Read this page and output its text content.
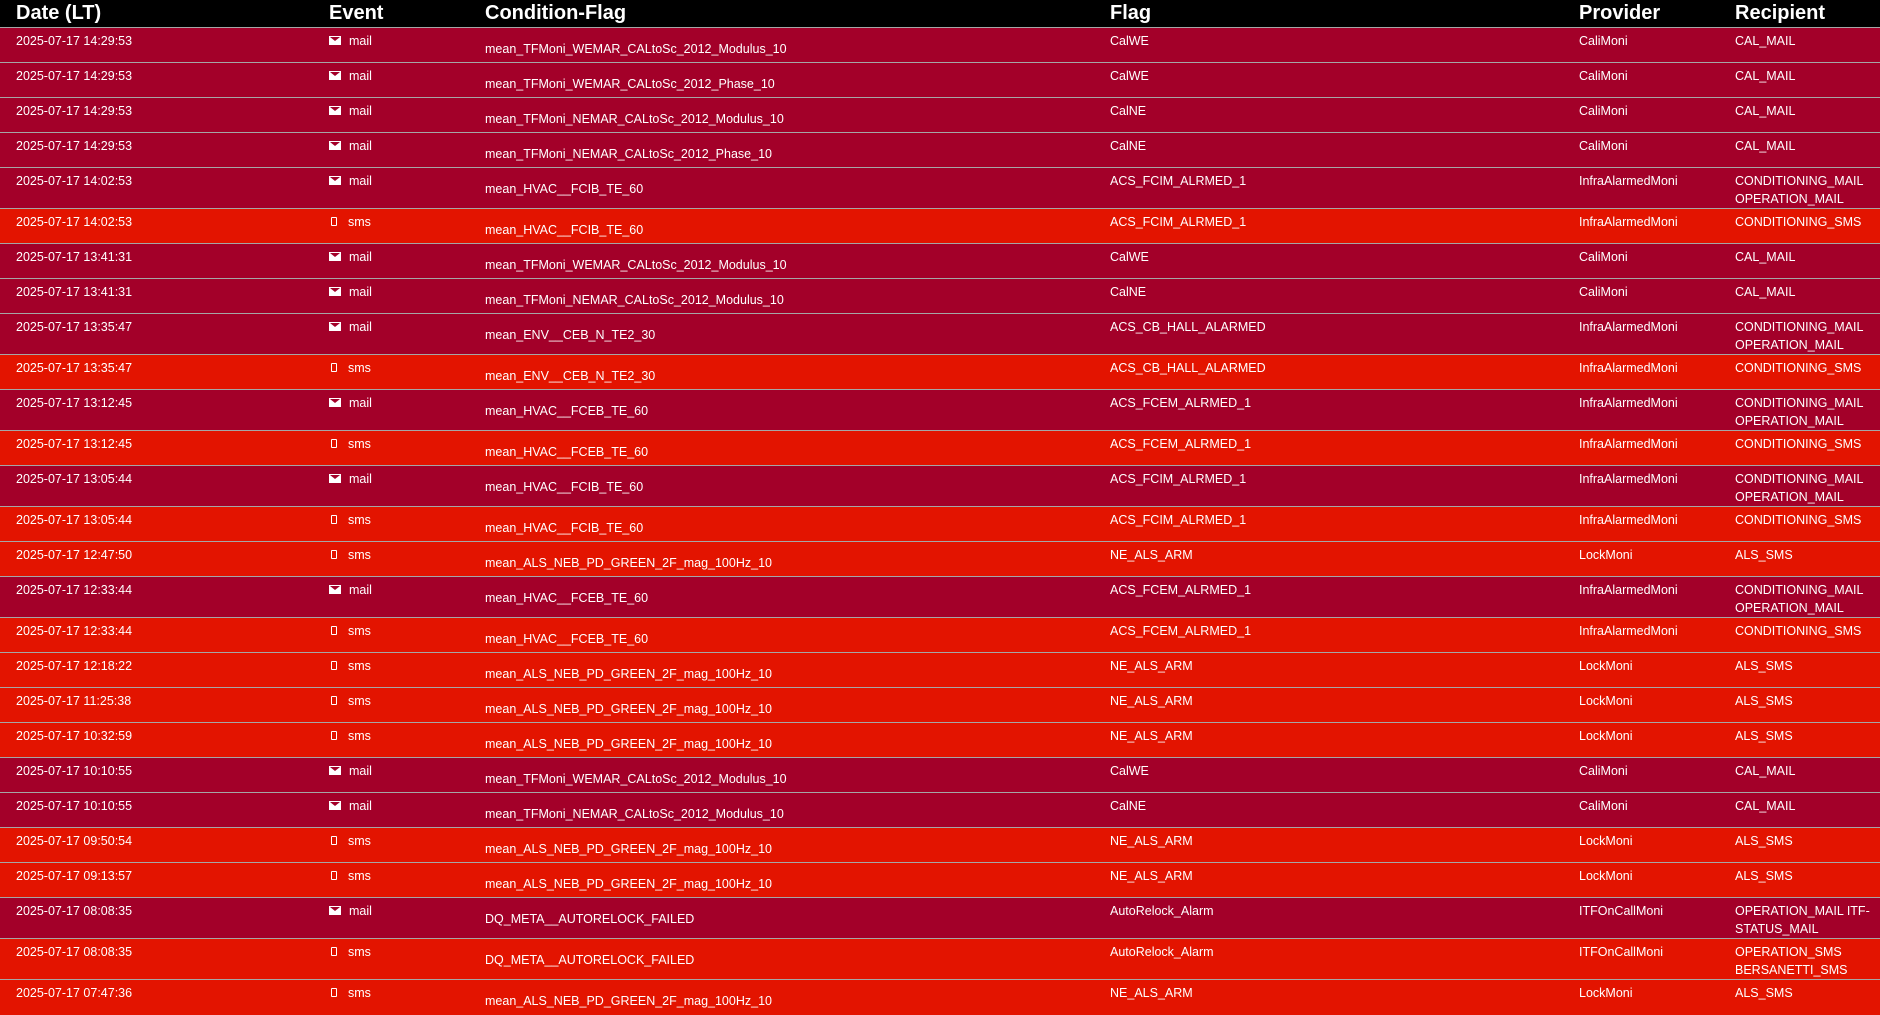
Date (LT)	Event	Condition-Flag	Flag	Provider	Recipient
2025-07-17 14:29:53	mail	mean_TFMoni_WEMAR_CALtoSc_2012_Modulus_10	CalWE	CaliMoni	CAL_MAIL

2025-07-17 14:29:53	mail	mean_TFMoni_WEMAR_CALtoSc_2012_Phase_10	CalWE	CaliMoni	CAL_MAIL

2025-07-17 14:29:53	mail	mean_TFMoni_NEMAR_CALtoSc_2012_Modulus_10	CalNE	CaliMoni	CAL_MAIL

2025-07-17 14:29:53	mail	mean_TFMoni_NEMAR_CALtoSc_2012_Phase_10	CalNE	CaliMoni	CAL_MAIL

2025-07-17 14:02:53	mail	mean_HVAC__FCIB_TE_60	ACS_FCIM_ALRMED_1	InfraAlarmedMoni	CONDITIONING_MAIL
OPERATION_MAIL

2025-07-17 14:02:53	sms	mean_HVAC__FCIB_TE_60	ACS_FCIM_ALRMED_1	InfraAlarmedMoni	CONDITIONING_SMS

2025-07-17 13:41:31	mail	mean_TFMoni_WEMAR_CALtoSc_2012_Modulus_10	CalWE	CaliMoni	CAL_MAIL

2025-07-17 13:41:31	mail	mean_TFMoni_NEMAR_CALtoSc_2012_Modulus_10	CalNE	CaliMoni	CAL_MAIL

2025-07-17 13:35:47	mail	mean_ENV__CEB_N_TE2_30	ACS_CB_HALL_ALARMED	InfraAlarmedMoni	CONDITIONING_MAIL
OPERATION_MAIL

2025-07-17 13:35:47	sms	mean_ENV__CEB_N_TE2_30	ACS_CB_HALL_ALARMED	InfraAlarmedMoni	CONDITIONING_SMS

2025-07-17 13:12:45	mail	mean_HVAC__FCEB_TE_60	ACS_FCEM_ALRMED_1	InfraAlarmedMoni	CONDITIONING_MAIL
OPERATION_MAIL

2025-07-17 13:12:45	sms	mean_HVAC__FCEB_TE_60	ACS_FCEM_ALRMED_1	InfraAlarmedMoni	CONDITIONING_SMS

2025-07-17 13:05:44	mail	mean_HVAC__FCIB_TE_60	ACS_FCIM_ALRMED_1	InfraAlarmedMoni	CONDITIONING_MAIL
OPERATION_MAIL

2025-07-17 13:05:44	sms	mean_HVAC__FCIB_TE_60	ACS_FCIM_ALRMED_1	InfraAlarmedMoni	CONDITIONING_SMS

2025-07-17 12:47:50	sms	mean_ALS_NEB_PD_GREEN_2F_mag_100Hz_10	NE_ALS_ARM	LockMoni	ALS_SMS

2025-07-17 12:33:44	mail	mean_HVAC__FCEB_TE_60	ACS_FCEM_ALRMED_1	InfraAlarmedMoni	CONDITIONING_MAIL
OPERATION_MAIL

2025-07-17 12:33:44	sms	mean_HVAC__FCEB_TE_60	ACS_FCEM_ALRMED_1	InfraAlarmedMoni	CONDITIONING_SMS

2025-07-17 12:18:22	sms	mean_ALS_NEB_PD_GREEN_2F_mag_100Hz_10	NE_ALS_ARM	LockMoni	ALS_SMS

2025-07-17 11:25:38	sms	mean_ALS_NEB_PD_GREEN_2F_mag_100Hz_10	NE_ALS_ARM	LockMoni	ALS_SMS

2025-07-17 10:32:59	sms	mean_ALS_NEB_PD_GREEN_2F_mag_100Hz_10	NE_ALS_ARM	LockMoni	ALS_SMS

2025-07-17 10:10:55	mail	mean_TFMoni_WEMAR_CALtoSc_2012_Modulus_10	CalWE	CaliMoni	CAL_MAIL

2025-07-17 10:10:55	mail	mean_TFMoni_NEMAR_CALtoSc_2012_Modulus_10	CalNE	CaliMoni	CAL_MAIL

2025-07-17 09:50:54	sms	mean_ALS_NEB_PD_GREEN_2F_mag_100Hz_10	NE_ALS_ARM	LockMoni	ALS_SMS

2025-07-17 09:13:57	sms	mean_ALS_NEB_PD_GREEN_2F_mag_100Hz_10	NE_ALS_ARM	LockMoni	ALS_SMS

2025-07-17 08:08:35	mail	DQ_META__AUTORELOCK_FAILED	AutoRelock_Alarm	ITFOnCallMoni	OPERATION_MAIL ITF-
STATUS_MAIL

2025-07-17 08:08:35	sms	DQ_META__AUTORELOCK_FAILED	AutoRelock_Alarm	ITFOnCallMoni	OPERATION_SMS
BERSANETTI_SMS

2025-07-17 07:47:36	sms	mean_ALS_NEB_PD_GREEN_2F_mag_100Hz_10	NE_ALS_ARM	LockMoni	ALS_SMS
